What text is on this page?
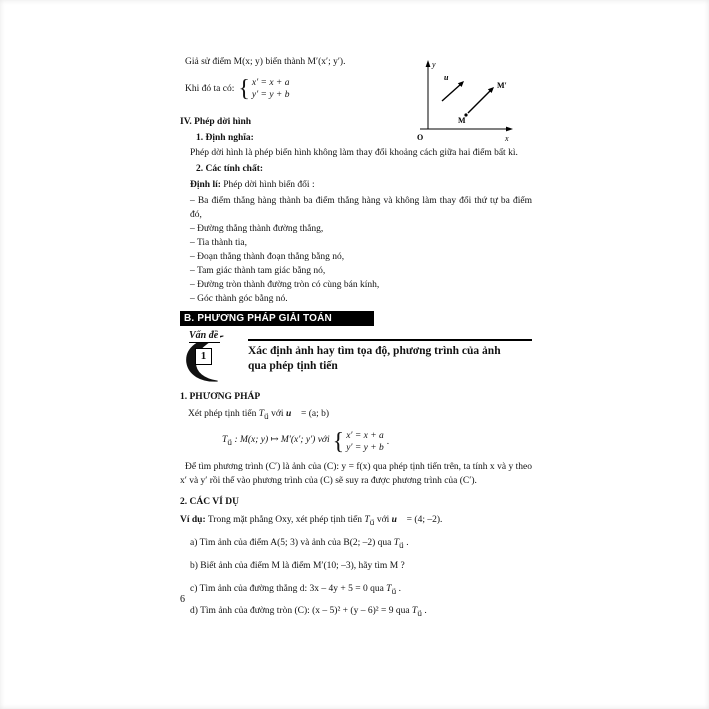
y
x
O
u⃗
M
M′
Giả sử điểm M(x; y) biến thành M′(x′; y′).
Khi đó ta có: { x′ = x + a
y′ = y + b
IV. Phép dời hình
1. Định nghĩa:
Phép dời hình là phép biến hình không làm thay đổi khoảng cách giữa hai điểm bất kì.
2. Các tính chất:
Định lí: Phép dời hình biến đổi :
– Ba điểm thẳng hàng thành ba điểm thẳng hàng và không làm thay đổi thứ tự ba điểm đó,
– Đường thẳng thành đường thẳng,
– Tia thành tia,
– Đoạn thẳng thành đoạn thẳng bằng nó,
– Tam giác thành tam giác bằng nó,
– Đường tròn thành đường tròn có cùng bán kính,
– Góc thành góc bằng nó.
B. PHƯƠNG PHÁP GIẢI TOÁN
Vấn đề
1	Xác định ảnh hay tìm tọa độ, phương trình của ảnh
qua phép tịnh tiến
1. PHƯƠNG PHÁP
Xét phép tịnh tiến $T_{u⃗}$ với u⃗ = (a; b)
$T_{u⃗}$ : M(x; y) ↦ M′(x′; y′) với { x′ = x + a
y′ = y + b
.
Để tìm phương trình (C′) là ảnh của (C): y = f(x) qua phép tịnh tiến trên, ta tính x và y theo x′ và y′ rồi thế vào phương trình của (C) sẽ suy ra được phương trình của (C′).
2. CÁC VÍ DỤ
Ví dụ: Trong mặt phẳng Oxy, xét phép tịnh tiến $T_{u⃗}$ với u⃗ = (4; –2).
a) Tìm ảnh của điểm A(5; 3) và ảnh của B(2; –2) qua $T_{u⃗}$ .
b) Biết ảnh của điểm M là điểm M′(10; –3), hãy tìm M ?
c) Tìm ảnh của đường thẳng d: 3x – 4y + 5 = 0 qua $T_{u⃗}$ .
d) Tìm ảnh của đường tròn (C): (x – 5)² + (y – 6)² = 9 qua $T_{u⃗}$ .
6
